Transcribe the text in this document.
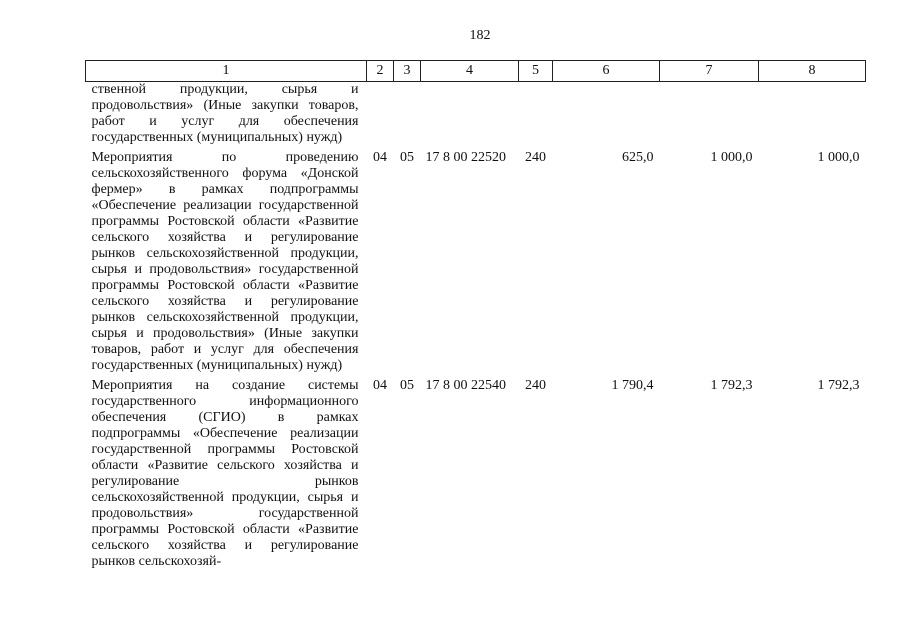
182
1	2	3	4	5	6	7	8
ственной продукции, сырья и продовольствия» (Иные закупки товаров, работ и услуг для обеспечения государственных (муниципальных) нужд)							
Мероприятия по проведению сельскохозяйственного форума «Донской фермер» в рамках подпрограммы «Обеспечение реализации государственной программы Ростовской области «Развитие сельского хозяйства и регулирование рынков сельскохозяйственной продукции, сырья и продовольствия» государственной программы Ростовской области «Развитие сельского хозяйства и регулирование рынков сельскохозяйственной продукции, сырья и продовольствия» (Иные закупки товаров, работ и услуг для обеспечения государственных (муниципальных) нужд)	04	05	17 8 00 22520	240	625,0	1 000,0	1 000,0
Мероприятия на создание системы государственного информационного обеспечения (СГИО) в рамках подпрограммы «Обеспечение реализации государственной программы Ростовской области «Развитие сельского хозяйства и регулирование рынков сельскохозяйственной продукции, сырья и продовольствия» государственной программы Ростовской области «Развитие сельского хозяйства и регулирование рынков сельскохозяй-	04	05	17 8 00 22540	240	1 790,4	1 792,3	1 792,3
